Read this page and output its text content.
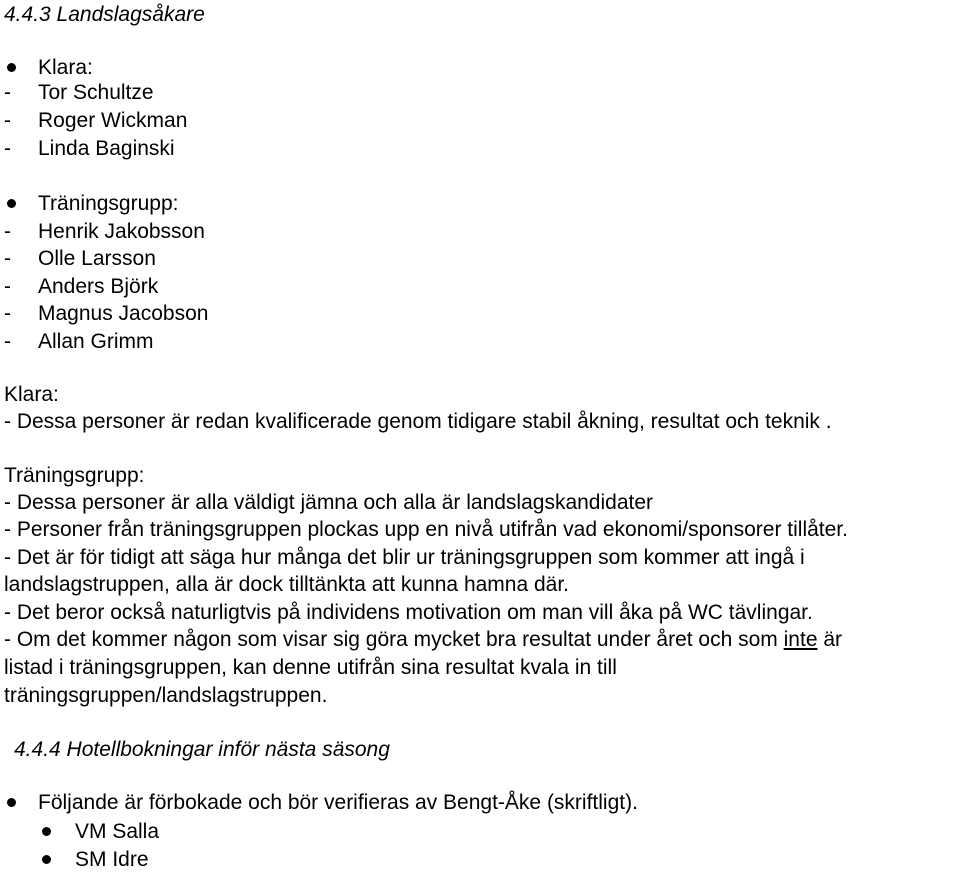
4.4.3 Landslagsåkare
Klara:
- Tor Schultze
- Roger Wickman
- Linda Baginski
Träningsgrupp:
- Henrik Jakobsson
- Olle Larsson
- Anders Björk
- Magnus Jacobson
- Allan Grimm
Klara:
- Dessa personer är redan kvalificerade genom tidigare stabil åkning, resultat och teknik .
Träningsgrupp:
- Dessa personer är alla väldigt jämna och alla är landslagskandidater
- Personer från träningsgruppen plockas upp en nivå utifrån vad ekonomi/sponsorer tillåter.
- Det är för tidigt att säga hur många det blir ur träningsgruppen som kommer att ingå i
landslagstruppen, alla är dock tilltänkta att kunna hamna där.
- Det beror också naturligtvis på individens motivation om man vill åka på WC tävlingar.
- Om det kommer någon som visar sig göra mycket bra resultat under året och som inte är
listad i träningsgruppen, kan denne utifrån sina resultat kvala in till
träningsgruppen/landslagstruppen.
4.4.4 Hotellbokningar inför nästa säsong
Följande är förbokade och bör verifieras av Bengt-Åke (skriftligt).
VM Salla
SM Idre
